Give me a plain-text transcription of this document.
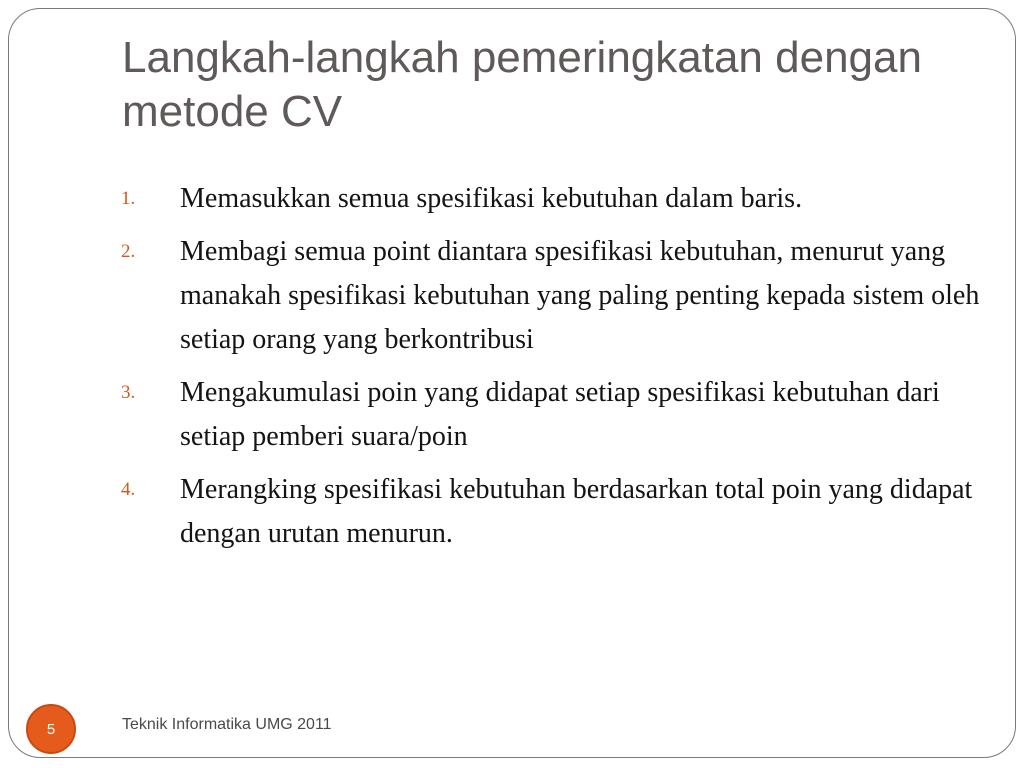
Langkah-langkah pemeringkatan dengan metode CV
1.	Memasukkan semua spesifikasi kebutuhan dalam baris.
2.	Membagi semua point diantara spesifikasi kebutuhan, menurut yang manakah spesifikasi kebutuhan yang paling penting kepada sistem oleh setiap orang yang berkontribusi
3.	Mengakumulasi poin yang didapat setiap spesifikasi kebutuhan dari setiap pemberi suara/poin
4.	Merangking spesifikasi kebutuhan berdasarkan total poin yang didapat dengan urutan menurun.
5	Teknik Informatika UMG 2011
